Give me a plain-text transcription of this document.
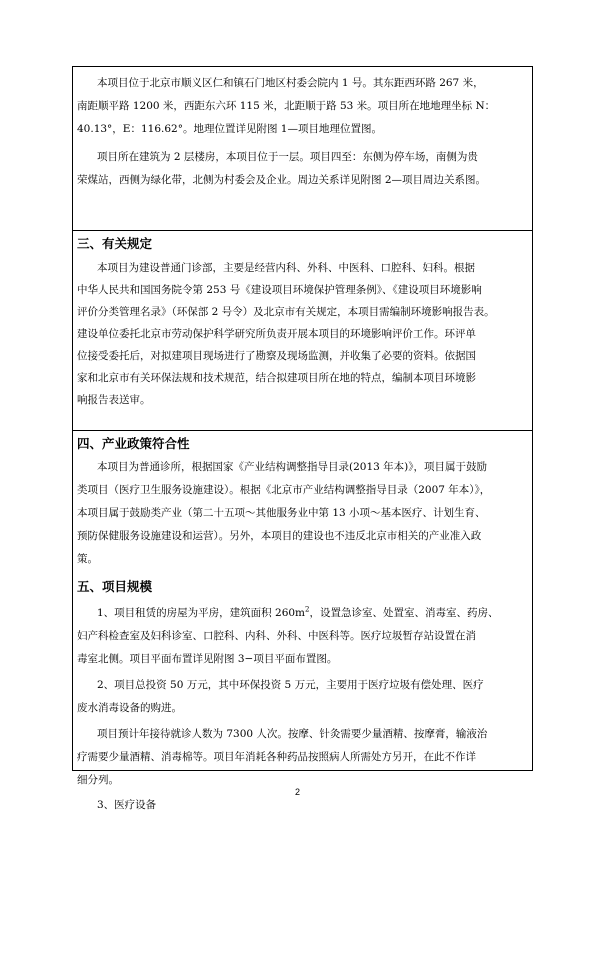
本项目位于北京市顺义区仁和镇石门地区村委会院内 1 号。其东距西环路 267 米，
南距顺平路 1200 米，西距东六环 115 米，北距顺于路 53 米。项目所在地地理坐标 N：
40.13°，E：116.62°。地理位置详见附图 1—项目地理位置图。
项目所在建筑为 2 层楼房，本项目位于一层。项目四至：东侧为停车场，南侧为贵
荣煤站，西侧为绿化带，北侧为村委会及企业。周边关系详见附图 2—项目周边关系图。
三、有关规定
本项目为建设普通门诊部，主要是经营内科、外科、中医科、口腔科、妇科。根据
中华人民共和国国务院令第 253 号《建设项目环境保护管理条例》、《建设项目环境影响
评价分类管理名录》（环保部 2 号令）及北京市有关规定，本项目需编制环境影响报告表。
建设单位委托北京市劳动保护科学研究所负责开展本项目的环境影响评价工作。环评单
位接受委托后，对拟建项目现场进行了勘察及现场监测，并收集了必要的资料。依据国
家和北京市有关环保法规和技术规范，结合拟建项目所在地的特点，编制本项目环境影
响报告表送审。
四、产业政策符合性
本项目为普通诊所，根据国家《产业结构调整指导目录(2013 年本)》，项目属于鼓励
类项目（医疗卫生服务设施建设）。根据《北京市产业结构调整指导目录（2007 年本）》，
本项目属于鼓励类产业（第二十五项～其他服务业中第 13 小项～基本医疗、计划生育、
预防保健服务设施建设和运营）。另外，本项目的建设也不违反北京市相关的产业准入政
策。
五、项目规模
1、项目租赁的房屋为平房，建筑面积 $260m^2$，设置急诊室、处置室、消毒室、药房、
妇产科检查室及妇科诊室、口腔科、内科、外科、中医科等。医疗垃圾暂存站设置在消
毒室北侧。项目平面布置详见附图 3−项目平面布置图。
2、项目总投资 50 万元，其中环保投资 5 万元，主要用于医疗垃圾有偿处理、医疗
废水消毒设备的购进。
项目预计年接待就诊人数为 7300 人次。按摩、针灸需要少量酒精、按摩膏，输液治
疗需要少量酒精、消毒棉等。项目年消耗各种药品按照病人所需处方另开，在此不作详
细分列。
3、医疗设备
2
